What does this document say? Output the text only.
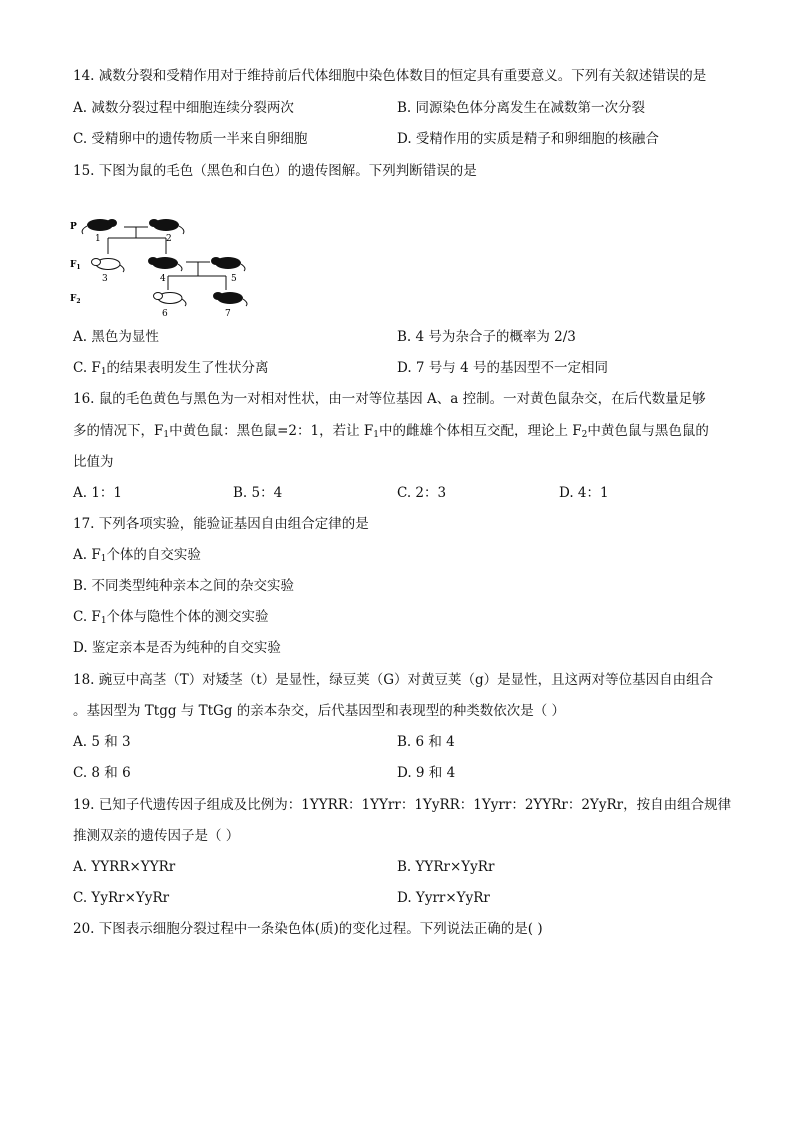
14. 减数分裂和受精作用对于维持前后代体细胞中染色体数目的恒定具有重要意义。下列有关叙述错误的是
A. 减数分裂过程中细胞连续分裂两次	B. 同源染色体分离发生在减数第一次分裂
C. 受精卵中的遗传物质一半来自卵细胞	D. 受精作用的实质是精子和卵细胞的核融合
15. 下图为鼠的毛色（黑色和白色）的遗传图解。下列判断错误的是
P
$F_1$
$F_2$
1	2
3	4	5
6	7
A. 黑色为显性	B. 4 号为杂合子的概率为 2/3
C. $F_1$的结果表明发生了性状分离	D. 7 号与 4 号的基因型不一定相同
16. 鼠的毛色黄色与黑色为一对相对性状，由一对等位基因 A、a 控制。一对黄色鼠杂交，在后代数量足够
多的情况下，$F_1$中黄色鼠：黑色鼠=2：1，若让 $F_1$中的雌雄个体相互交配，理论上 $F_2$中黄色鼠与黑色鼠的
比值为
A. 1：1	B. 5：4	C. 2：3	D. 4：1
17. 下列各项实验，能验证基因自由组合定律的是
A. $F_1$个体的自交实验
B. 不同类型纯种亲本之间的杂交实验
C. $F_1$个体与隐性个体的测交实验
D. 鉴定亲本是否为纯种的自交实验
18. 豌豆中高茎（T）对矮茎（t）是显性，绿豆荚（G）对黄豆荚（g）是显性，且这两对等位基因自由组合
。基因型为 Ttgg 与 TtGg 的亲本杂交，后代基因型和表现型的种类数依次是（ ）
A. 5 和 3	B. 6 和 4
C. 8 和 6	D. 9 和 4
19. 已知子代遗传因子组成及比例为：1YYRR：1YYrr：1YyRR：1Yyrr：2YYRr：2YyRr，按自由组合规律
推测双亲的遗传因子是（ ）
A. YYRR×YYRr	B. YYRr×YyRr
C. YyRr×YyRr	D. Yyrr×YyRr
20. 下图表示细胞分裂过程中一条染色体(质)的变化过程。下列说法正确的是( )
